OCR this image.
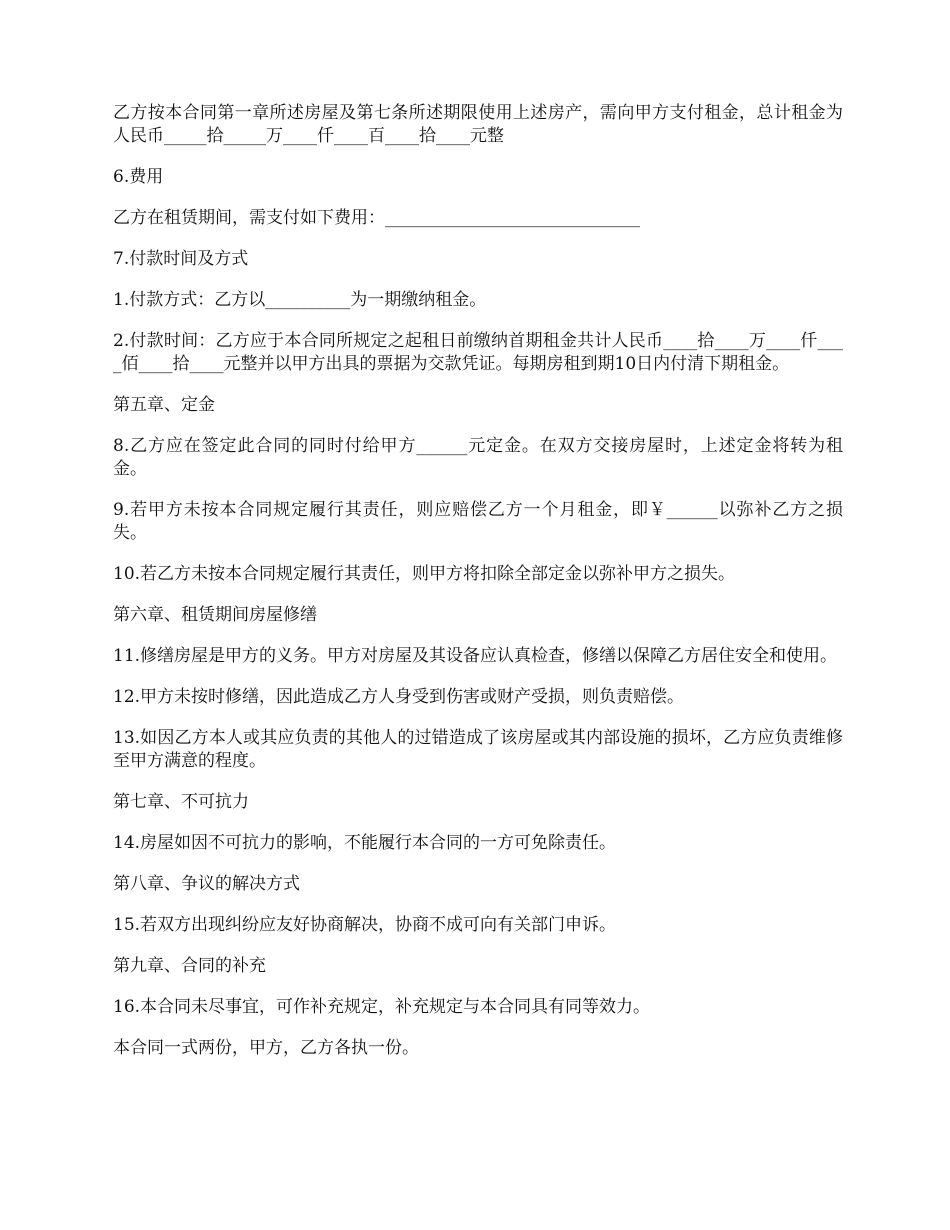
乙方按本合同第一章所述房屋及第七条所述期限使用上述房产，需向甲方支付租金，总计租金为人民币_____拾_____万____仟____百____拾____元整

6.费用

乙方在租赁期间，需支付如下费用：______________________________

7.付款时间及方式

1.付款方式：乙方以__________为一期缴纳租金。

2.付款时间：乙方应于本合同所规定之起租日前缴纳首期租金共计人民币____拾____万____仟____佰____拾____元整并以甲方出具的票据为交款凭证。每期房租到期10日内付清下期租金。

第五章、定金

8.乙方应在签定此合同的同时付给甲方______元定金。在双方交接房屋时，上述定金将转为租金。

9.若甲方未按本合同规定履行其责任，则应赔偿乙方一个月租金，即￥______以弥补乙方之损失。

10.若乙方未按本合同规定履行其责任，则甲方将扣除全部定金以弥补甲方之损失。

第六章、租赁期间房屋修缮

11.修缮房屋是甲方的义务。甲方对房屋及其设备应认真检查，修缮以保障乙方居住安全和使用。

12.甲方未按时修缮，因此造成乙方人身受到伤害或财产受损，则负责赔偿。

13.如因乙方本人或其应负责的其他人的过错造成了该房屋或其内部设施的损坏，乙方应负责维修至甲方满意的程度。

第七章、不可抗力

14.房屋如因不可抗力的影响，不能履行本合同的一方可免除责任。

第八章、争议的解决方式

15.若双方出现纠纷应友好协商解决，协商不成可向有关部门申诉。

第九章、合同的补充

16.本合同未尽事宜，可作补充规定，补充规定与本合同具有同等效力。

本合同一式两份，甲方，乙方各执一份。
